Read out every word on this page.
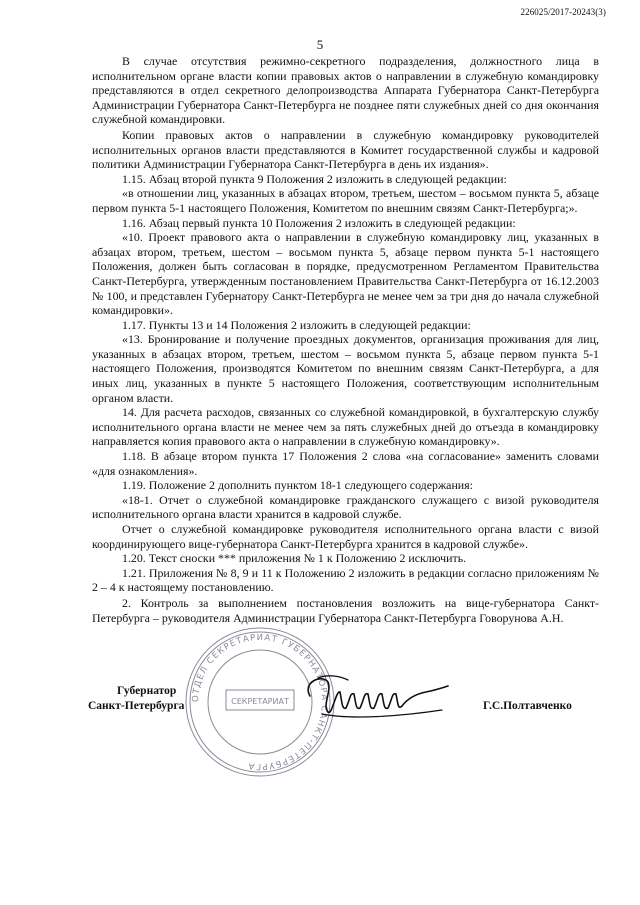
226025/2017-20243(3)
5

В случае отсутствия режимно-секретного подразделения, должностного лица в исполнительном органе власти копии правовых актов о направлении в служебную командировку представляются в отдел секретного делопроизводства Аппарата Губернатора Санкт-Петербурга Администрации Губернатора Санкт-Петербурга не позднее пяти служебных дней со дня окончания служебной командировки.

Копии правовых актов о направлении в служебную командировку руководителей исполнительных органов власти представляются в Комитет государственной службы и кадровой политики Администрации Губернатора Санкт-Петербурга в день их издания».

1.15. Абзац второй пункта 9 Положения 2 изложить в следующей редакции:

«в отношении лиц, указанных в абзацах втором, третьем, шестом – восьмом пункта 5, абзаце первом пункта 5-1 настоящего Положения, Комитетом по внешним связям Санкт-Петербурга;».

1.16. Абзац первый пункта 10 Положения 2 изложить в следующей редакции:

«10. Проект правового акта о направлении в служебную командировку лиц, указанных в абзацах втором, третьем, шестом – восьмом пункта 5, абзаце первом пункта 5-1 настоящего Положения, должен быть согласован в порядке, предусмотренном Регламентом Правительства Санкт-Петербурга, утвержденным постановлением Правительства Санкт-Петербурга от 16.12.2003 № 100, и представлен Губернатору Санкт-Петербурга не менее чем за три дня до начала служебной командировки».

1.17. Пункты 13 и 14 Положения 2 изложить в следующей редакции:

«13. Бронирование и получение проездных документов, организация проживания для лиц, указанных в абзацах втором, третьем, шестом – восьмом пункта 5, абзаце первом пункта 5-1 настоящего Положения, производятся Комитетом по внешним связям Санкт-Петербурга, а для иных лиц, указанных в пункте 5 настоящего Положения, соответствующим исполнительным органом власти.

14. Для расчета расходов, связанных со служебной командировкой, в бухгалтерскую службу исполнительного органа власти не менее чем за пять служебных дней до отъезда в командировку направляется копия правового акта о направлении в служебную командировку».

1.18. В абзаце втором пункта 17 Положения 2 слова «на согласование» заменить словами «для ознакомления».

1.19. Положение 2 дополнить пунктом 18-1 следующего содержания:

«18-1. Отчет о служебной командировке гражданского служащего с визой руководителя исполнительного органа власти хранится в кадровой службе.

Отчет о служебной командировке руководителя исполнительного органа власти с визой координирующего вице-губернатора Санкт-Петербурга хранится в кадровой службе».

1.20. Текст сноски *** приложения № 1 к Положению 2 исключить.

1.21. Приложения № 8, 9 и 11 к Положению 2 изложить в редакции согласно приложениям № 2 – 4 к настоящему постановлению.

2. Контроль за выполнением постановления возложить на вице-губернатора Санкт-Петербурга – руководителя Администрации Губернатора Санкт-Петербурга Говорунова А.Н.

ОТДЕЛ СЕКРЕТАРИАТ ГУБЕРНАТОРА САНКТ-ПЕТЕРБУРГА
СЕКРЕТАРИАТ
Губернатор
Санкт-Петербурга	Г.С.Полтавченко
